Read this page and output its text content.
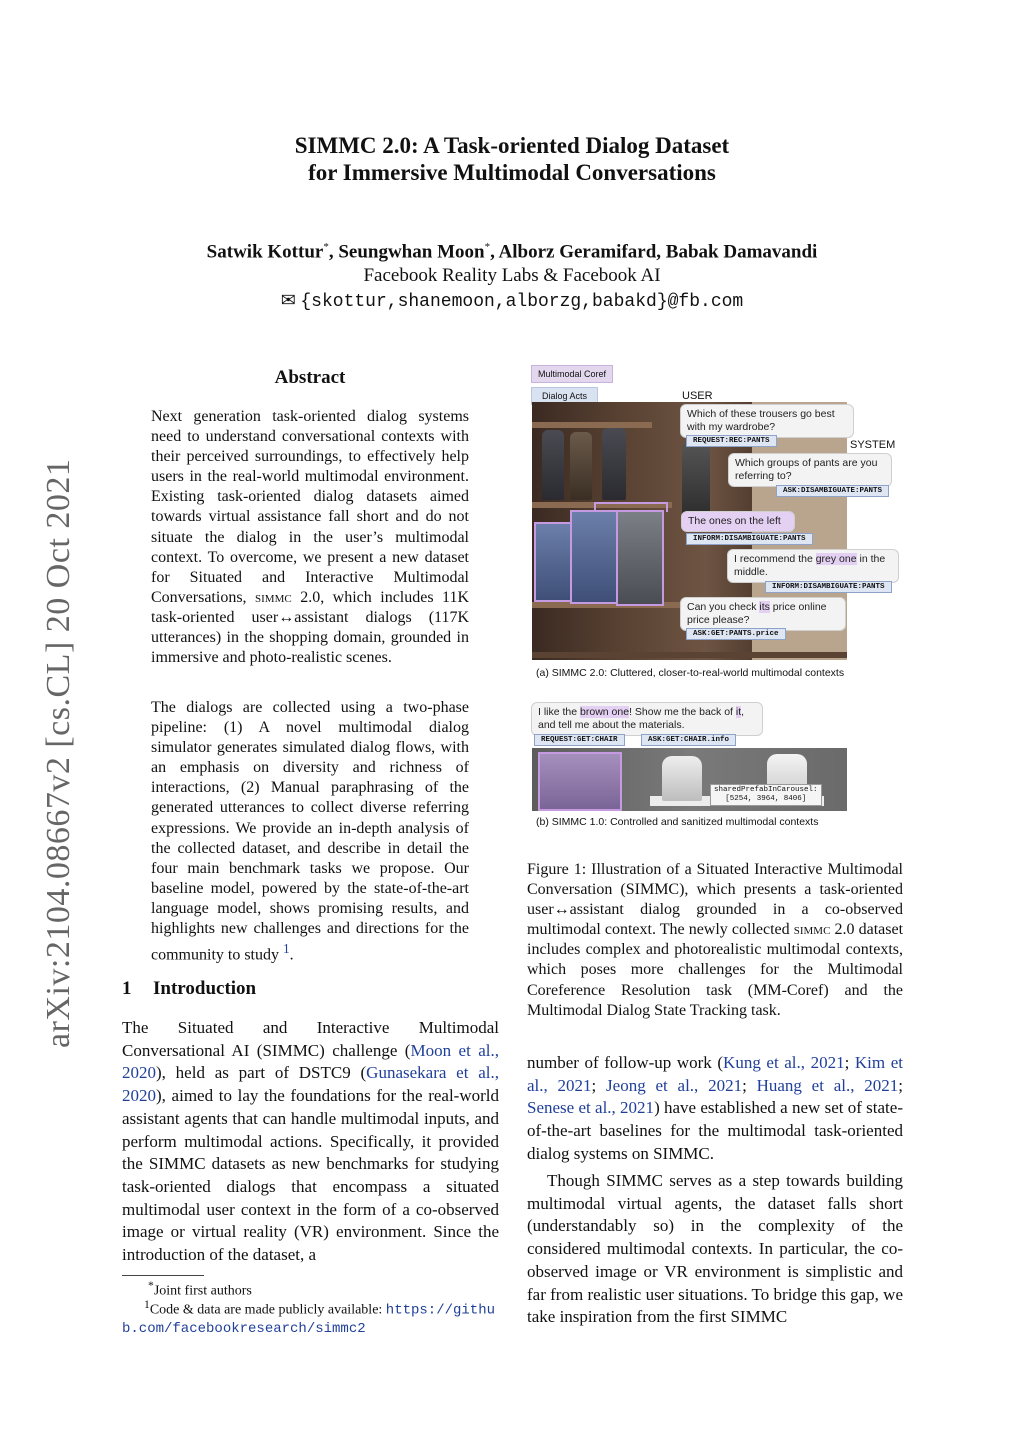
arXiv:2104.08667v2 [cs.CL] 20 Oct 2021
SIMMC 2.0: A Task-oriented Dialog Dataset
for Immersive Multimodal Conversations
Satwik Kottur*, Seungwhan Moon*, Alborz Geramifard, Babak Damavandi
Facebook Reality Labs & Facebook AI
✉ {skottur,shanemoon,alborzg,babakd}@fb.com
Abstract
Next generation task-oriented dialog systems need to understand conversational contexts with their perceived surroundings, to effectively help users in the real-world multimodal environment. Existing task-oriented dialog datasets aimed towards virtual assistance fall short and do not situate the dialog in the user’s multimodal context. To overcome, we present a new dataset for Situated and Interactive Multimodal Conversations, simmc 2.0, which includes 11K task-oriented user↔assistant dialogs (117K utterances) in the shopping domain, grounded in immersive and photo-realistic scenes.
The dialogs are collected using a two-phase pipeline: (1) A novel multimodal dialog simulator generates simulated dialog flows, with an emphasis on diversity and richness of interactions, (2) Manual paraphrasing of the generated utterances to collect diverse referring expressions. We provide an in-depth analysis of the collected dataset, and describe in detail the four main benchmark tasks we propose. Our baseline model, powered by the state-of-the-art language model, shows promising results, and highlights new challenges and directions for the community to study $^1$.
1 Introduction
The Situated and Interactive Multimodal Conversational AI (SIMMC) challenge (Moon et al., 2020), held as part of DSTC9 (Gunasekara et al., 2020), aimed to lay the foundations for the real-world assistant agents that can handle multimodal inputs, and perform multimodal actions. Specifically, it provided the SIMMC datasets as new benchmarks for studying task-oriented dialogs that encompass a situated multimodal user context in the form of a co-observed image or virtual reality (VR) environment. Since the introduction of the dataset, a
*Joint first authors
$^1$Code & data are made publicly available: https://github.com/facebookresearch/simmc2
Multimodal Coref
Dialog Acts	USER
SYSTEM
Which of these trousers go best with my wardrobe?
REQUEST:REC:PANTS
Which groups of pants are you referring to?
ASK:DISAMBIGUATE:PANTS
The ones on the left
INFORM:DISAMBIGUATE:PANTS
I recommend the grey one in the middle.
INFORM:DISAMBIGUATE:PANTS
Can you check its price online price please?
ASK:GET:PANTS.price
(a) SIMMC 2.0: Cluttered, closer-to-real-world multimodal contexts
I like the brown one! Show me the back of it, and tell me about the materials.
REQUEST:GET:CHAIR	ASK:GET:CHAIR.info
sharedPrefabInCarousel:
[5254, 3964, 8406]
(b) SIMMC 1.0: Controlled and sanitized multimodal contexts
Figure 1: Illustration of a Situated Interactive Multimodal Conversation (SIMMC), which presents a task-oriented user↔assistant dialog grounded in a co-observed multimodal context. The newly collected simmc 2.0 dataset includes complex and photorealistic multimodal contexts, which poses more challenges for the Multimodal Coreference Resolution task (MM-Coref) and the Multimodal Dialog State Tracking task.
number of follow-up work (Kung et al., 2021; Kim et al., 2021; Jeong et al., 2021; Huang et al., 2021; Senese et al., 2021) have established a new set of state-of-the-art baselines for the multimodal task-oriented dialog systems on SIMMC.
Though SIMMC serves as a step towards building multimodal virtual agents, the dataset falls short (understandably so) in the complexity of the considered multimodal contexts. In particular, the co-observed image or VR environment is simplistic and far from realistic user situations. To bridge this gap, we take inspiration from the first SIMMC
